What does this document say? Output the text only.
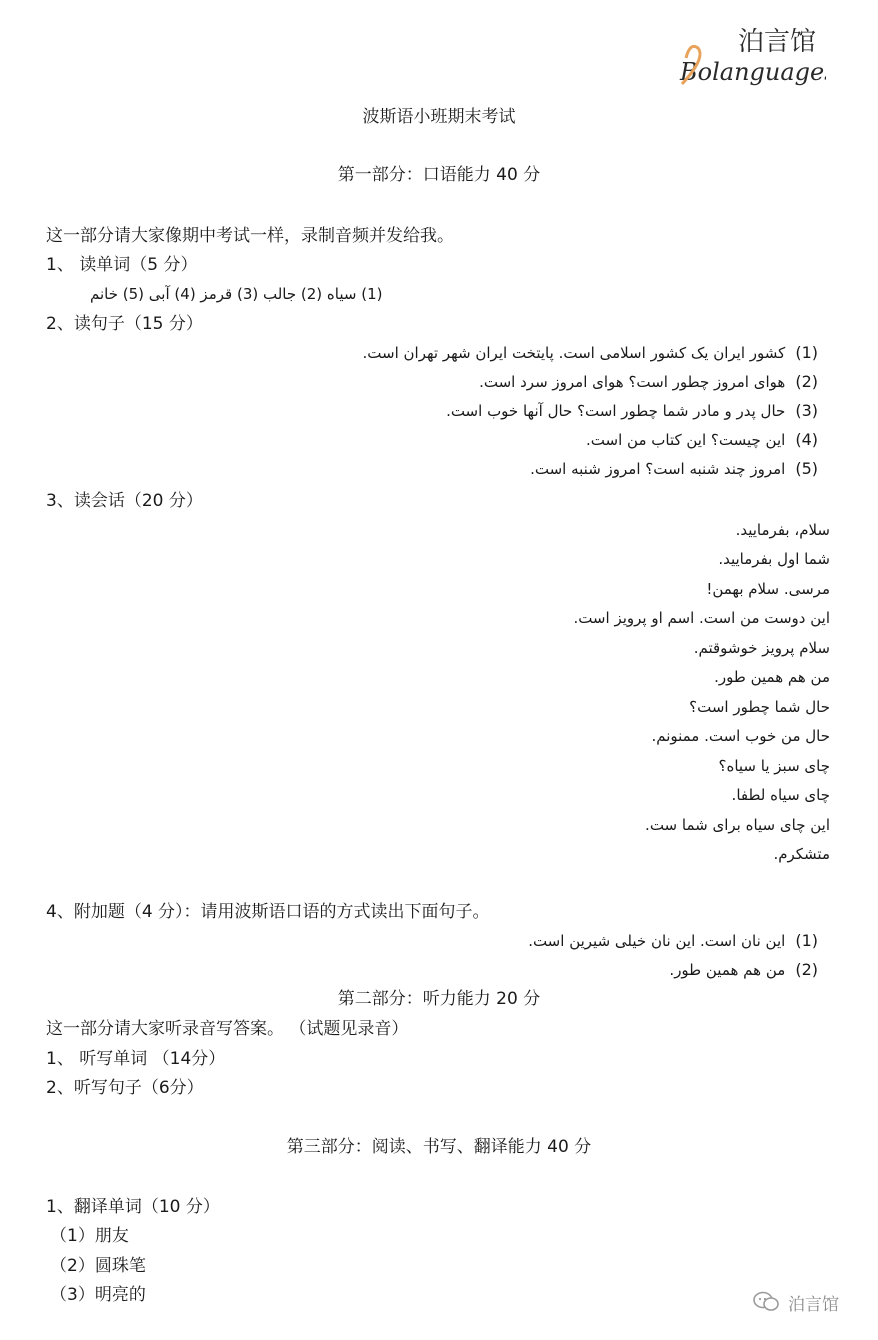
泊言馆
Bolanguages
波斯语小班期末考试
第一部分：口语能力 40 分
这一部分请大家像期中考试一样，录制音频并发给我。
1、 读单词（5 分）
(1) سیاه (2) جالب (3) قرمز (4) آبی (5) خانم
2、读句子（15 分）
(1)کشور ایران یک کشور اسلامی است. پایتخت ایران شهر تهران است.
(2)هوای امروز چطور است؟ هوای امروز سرد است.
(3)حال پدر و مادر شما چطور است؟ حال آنها خوب است.
(4)این چیست؟ این کتاب من است.
(5)امروز چند شنبه است؟ امروز شنبه است.
3、读会话（20 分）
سلام، بفرمایید.
شما اول بفرمایید.
مرسی. سلام بهمن!
این دوست من است. اسم او پرویز است.
سلام پرویز خوشوقتم.
من هم همین طور.
حال شما چطور است؟
حال من خوب است. ممنونم.
چای سبز یا سیاه؟
چای سیاه لطفا.
این چای سیاه برای شما ست.
متشکرم.
4、附加题（4 分）：请用波斯语口语的方式读出下面句子。
(1)این نان است. این نان خیلی شیرین است.
(2)من هم همین طور.
第二部分：听力能力 20 分
这一部分请大家听录音写答案。 （试题见录音）
1、 听写单词 （14分）
2、听写句子（6分）
第三部分：阅读、书写、翻译能力 40 分
1、翻译单词（10 分）
（1）朋友
（2）圆珠笔
（3）明亮的	泊言馆
